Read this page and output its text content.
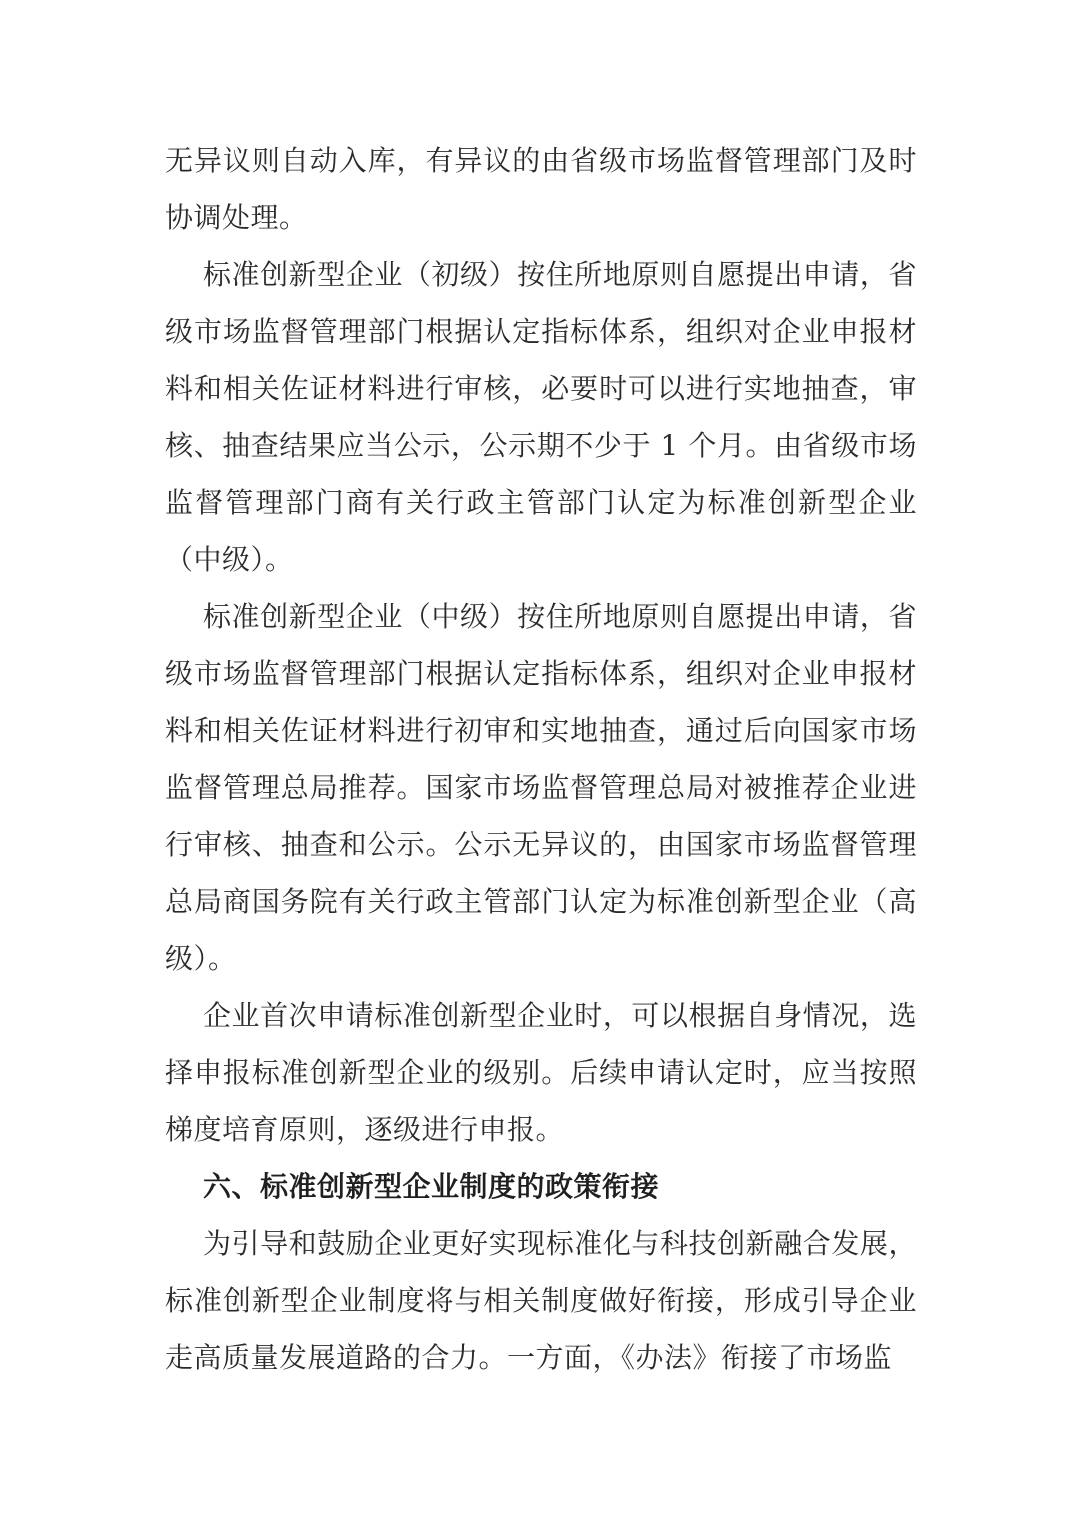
无异议则自动入库，有异议的由省级市场监督管理部门及时协调处理。

标准创新型企业（初级）按住所地原则自愿提出申请，省级市场监督管理部门根据认定指标体系，组织对企业申报材料和相关佐证材料进行审核，必要时可以进行实地抽查，审核、抽查结果应当公示，公示期不少于 1 个月。由省级市场监督管理部门商有关行政主管部门认定为标准创新型企业（中级）。

标准创新型企业（中级）按住所地原则自愿提出申请，省级市场监督管理部门根据认定指标体系，组织对企业申报材料和相关佐证材料进行初审和实地抽查，通过后向国家市场监督管理总局推荐。国家市场监督管理总局对被推荐企业进行审核、抽查和公示。公示无异议的，由国家市场监督管理总局商国务院有关行政主管部门认定为标准创新型企业（高级）。

企业首次申请标准创新型企业时，可以根据自身情况，选择申报标准创新型企业的级别。后续申请认定时，应当按照梯度培育原则，逐级进行申报。

六、标准创新型企业制度的政策衔接

为引导和鼓励企业更好实现标准化与科技创新融合发展，标准创新型企业制度将与相关制度做好衔接，形成引导企业走高质量发展道路的合力。一方面，《办法》衔接了市场监
